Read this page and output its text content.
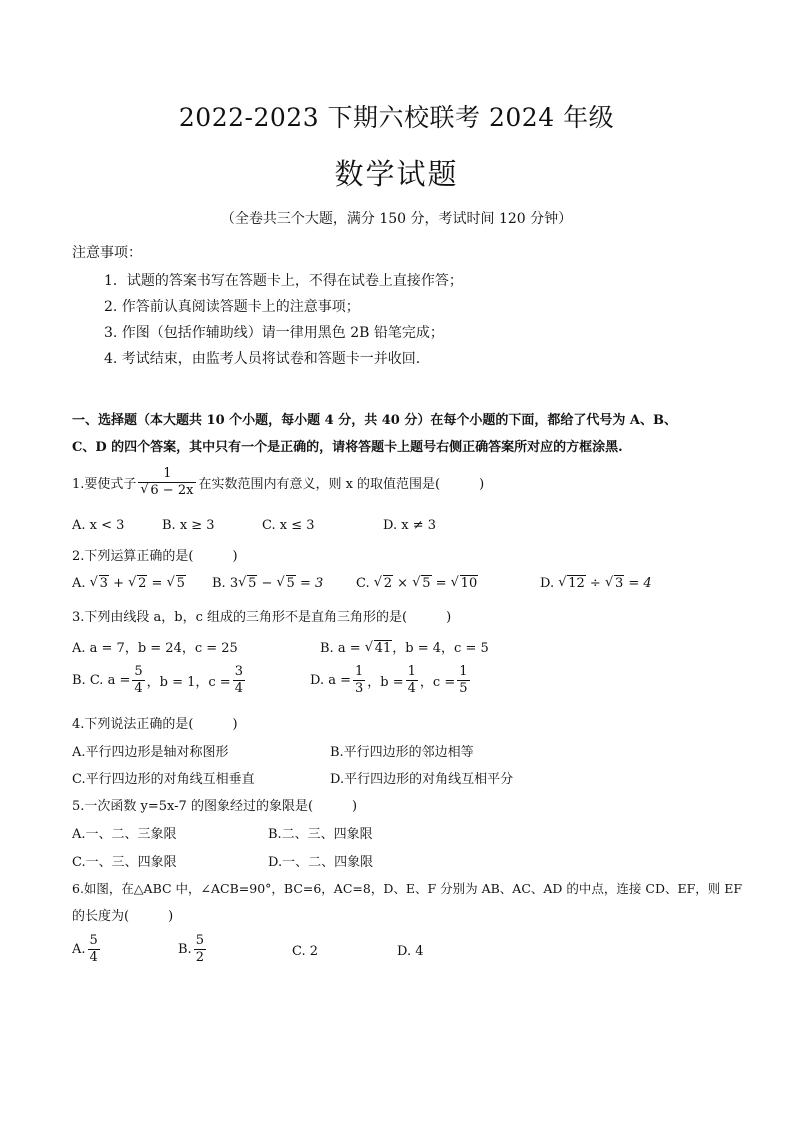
2022-2023 下期六校联考 2024 年级
数学试题
（全卷共三个大题，满分 150 分，考试时间 120 分钟）
注意事项：
1．试题的答案书写在答题卡上，不得在试卷上直接作答；
2. 作答前认真阅读答题卡上的注意事项；
3. 作图（包括作辅助线）请一律用黑色 2B 铅笔完成；
4. 考试结束，由监考人员将试卷和答题卡一并收回.
一、选择题（本大题共 10 个小题，每小题 4 分，共 40 分）在每个小题的下面，都给了代号为 A、B、
C、D 的四个答案，其中只有一个是正确的，请将答题卡上题号右侧正确答案所对应的方框涂黑.
1.要使式子 1
√ 6 − 2x 在实数范围内有意义，则 x 的取值范围是(　　　)
A. x < 3	B. x ≥ 3	C. x ≤ 3	D. x ≠ 3
2.下列运算正确的是(　　　)
A. √ 3 + √ 2 = √ 5 B. 3 √ 5 − √ 5 = 3	C. √ 2 × √ 5 = √ 10	D. √ 12 ÷ √ 3 = 4
3.下列由线段 a，b，c 组成的三角形不是直角三角形的是(　　　)
A. a = 7，b = 24，c = 25	B. a = √ 41，b = 4，c = 5
B. C. $a = \frac{5}{4}$ ，b = 1，$c = \frac{3}{4}$	D. $a = \frac{1}{3}$ ，$b = \frac{1}{4}$ ，$c = \frac{1}{5}$
4.下列说法正确的是(　　　)
A.平行四边形是轴对称图形	B.平行四边形的邻边相等
C.平行四边形的对角线互相垂直	D.平行四边形的对角线互相平分
5.一次函数 y=5x-7 的图象经过的象限是(　　　)
A.一、二、三象限	B.二、三、四象限
C.一、三、四象限	D.一、二、四象限
6.如图，在△ABC 中，∠ACB=90°，BC=6，AC=8，D、E、F 分别为 AB、AC、AD 的中点，连接 CD、EF，则 EF
的长度为(　　　)
A. $\frac{5}{4}$	B. $\frac{5}{2}$	C. 2	D. 4
